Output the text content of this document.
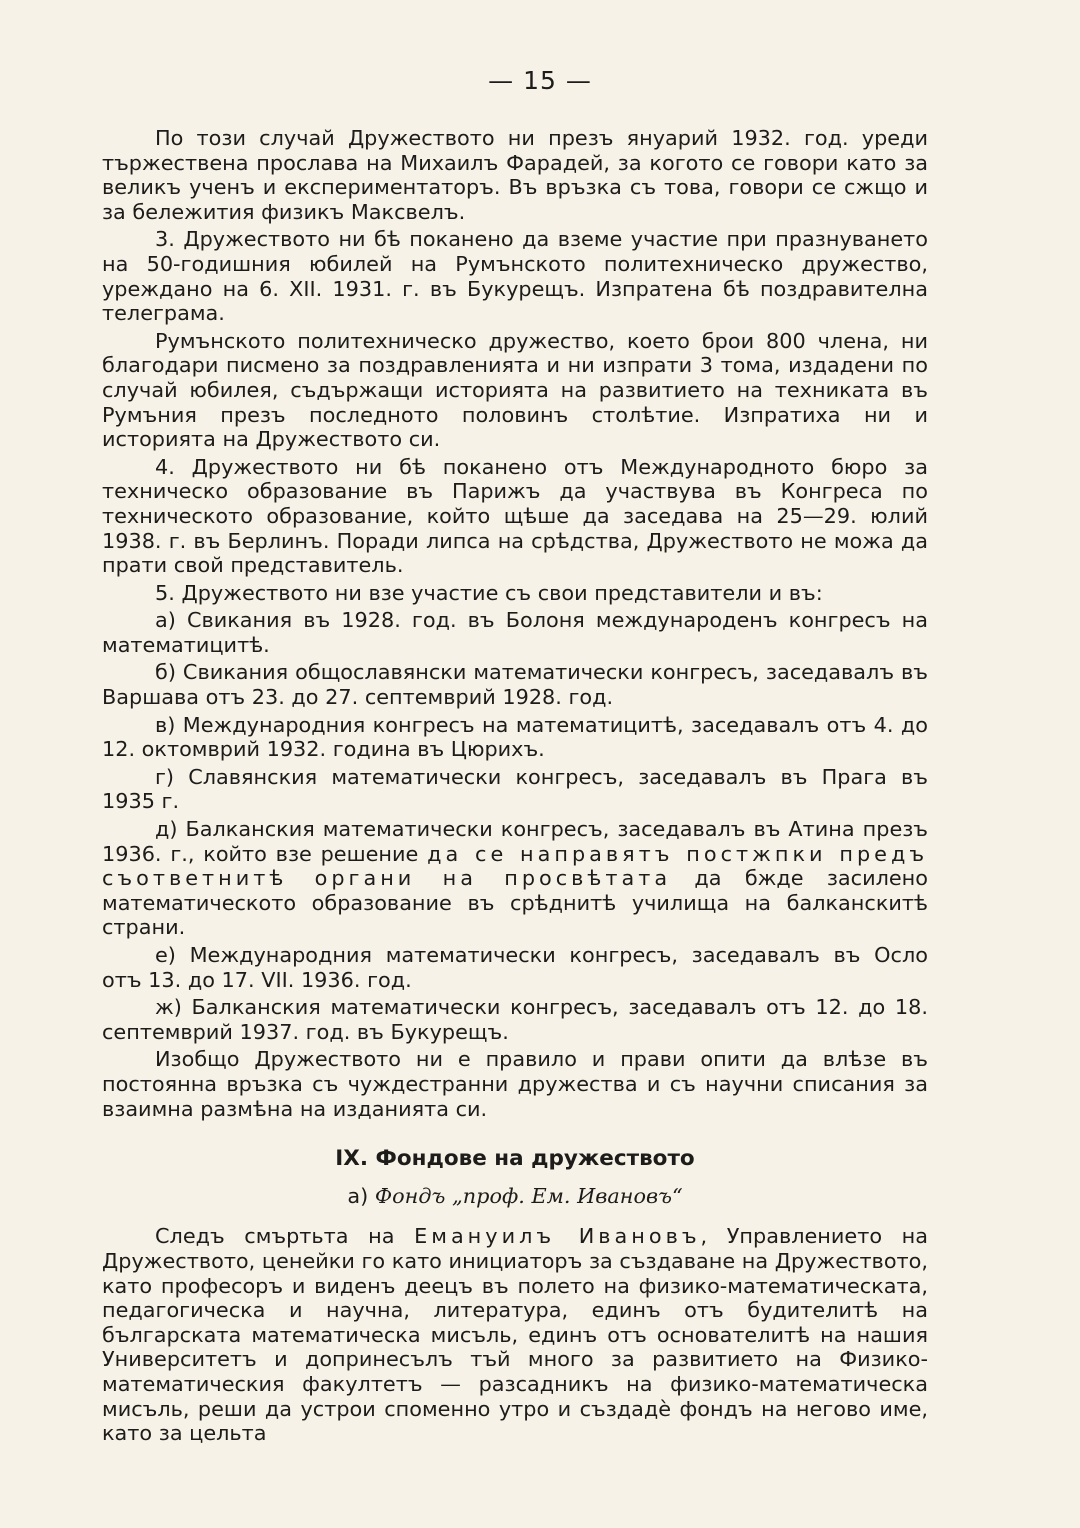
— 15 —

По този случай Дружеството ни презъ януарий 1932. год. уреди тържествена прослава на Михаилъ Фарадей, за когото се говори като за великъ ученъ и експериментаторъ. Въ връзка съ това, говори се сжщо и за бележития физикъ Максвелъ.

3. Дружеството ни бѣ поканено да вземе участие при празнуването на 50-годишния юбилей на Румънското политехническо дружество, уреждано на 6. XII. 1931. г. въ Букурещъ. Изпратена бѣ поздравителна телеграма.

Румънското политехническо дружество, което брои 800 члена, ни благодари писмено за поздравленията и ни изпрати 3 тома, издадени по случай юбилея, съдържащи историята на развитието на техниката въ Румъния презъ последното половинъ столѣтие. Изпратиха ни и историята на Дружеството си.

4. Дружеството ни бѣ поканено отъ Международното бюро за техническо образование въ Парижъ да участвува въ Конгреса по техническото образование, който щѣше да заседава на 25—29. юлий 1938. г. въ Берлинъ. Поради липса на срѣдства, Дружеството не можа да прати свой представитель.

5. Дружеството ни взе участие съ свои представители и въ:

а) Свикания въ 1928. год. въ Болоня международенъ конгресъ на математицитѣ.

б) Свикания общославянски математически конгресъ, заседавалъ въ Варшава отъ 23. до 27. септемврий 1928. год.

в) Международния конгресъ на математицитѣ, заседавалъ отъ 4. до 12. октомврий 1932. година въ Цюрихъ.

г) Славянския математически конгресъ, заседавалъ въ Прага въ 1935 г.

д) Балканския математически конгресъ, заседавалъ въ Атина презъ 1936. г., който взе решение да се направятъ постжпки предъ съответнитѣ органи на просвѣтата да бжде засилено математическото образование въ срѣднитѣ училища на балканскитѣ страни.

е) Международния математически конгресъ, заседавалъ въ Осло отъ 13. до 17. VII. 1936. год.

ж) Балканския математически конгресъ, заседавалъ отъ 12. до 18. септемврий 1937. год. въ Букурещъ.

Изобщо Дружеството ни е правило и прави опити да влѣзе въ постоянна връзка съ чуждестранни дружества и съ научни списания за взаимна размѣна на изданията си.

IX. Фондове на дружеството

а) Фондъ „проф. Ем. Ивановъ“

Следъ смъртьта на Емануилъ Ивановъ, Управлението на Дружеството, ценейки го като инициаторъ за създаване на Дружеството, като професоръ и виденъ деецъ въ полето на физико-математическата, педагогическа и научна, литература, единъ отъ будителитѣ на българската математическа мисъль, единъ отъ основателитѣ на нашия Университетъ и допринесълъ тъй много за развитието на Физико-математическия факултетъ — разсадникъ на физико-математическа мисъль, реши да устрои споменно утро и създадѐ фондъ на негово име, като за цельта
